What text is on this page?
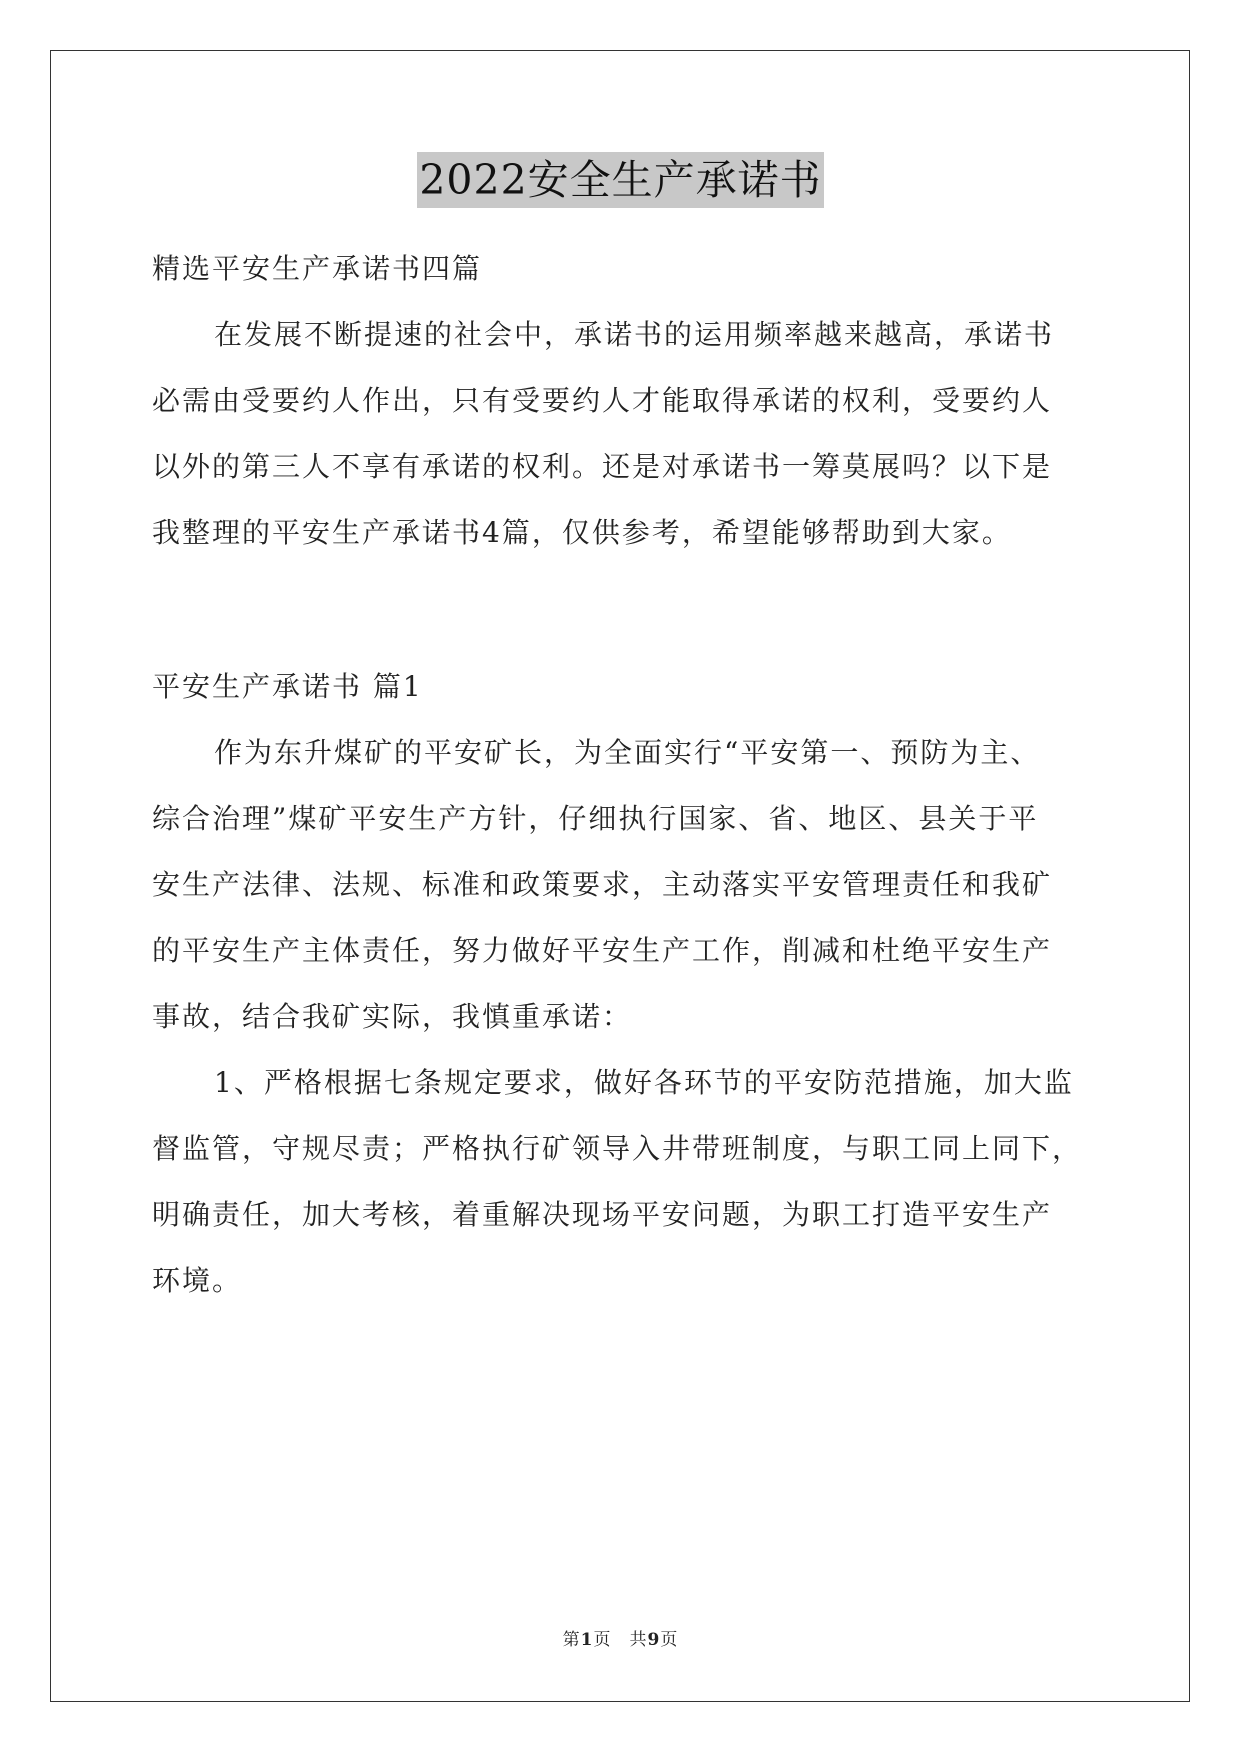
2022安全生产承诺书
精选平安生产承诺书四篇
在发展不断提速的社会中，承诺书的运用频率越来越高，承诺书
必需由受要约人作出，只有受要约人才能取得承诺的权利，受要约人
以外的第三人不享有承诺的权利。还是对承诺书一筹莫展吗？以下是
我整理的平安生产承诺书4篇，仅供参考，希望能够帮助到大家。
平安生产承诺书 篇1
作为东升煤矿的平安矿长，为全面实行“平安第一、预防为主、
综合治理”煤矿平安生产方针，仔细执行国家、省、地区、县关于平
安生产法律、法规、标准和政策要求，主动落实平安管理责任和我矿
的平安生产主体责任，努力做好平安生产工作，削减和杜绝平安生产
事故，结合我矿实际，我慎重承诺：
1、严格根据七条规定要求，做好各环节的平安防范措施，加大监
督监管，守规尽责；严格执行矿领导入井带班制度，与职工同上同下，
明确责任，加大考核，着重解决现场平安问题，为职工打造平安生产
环境。
第1页　共9页
